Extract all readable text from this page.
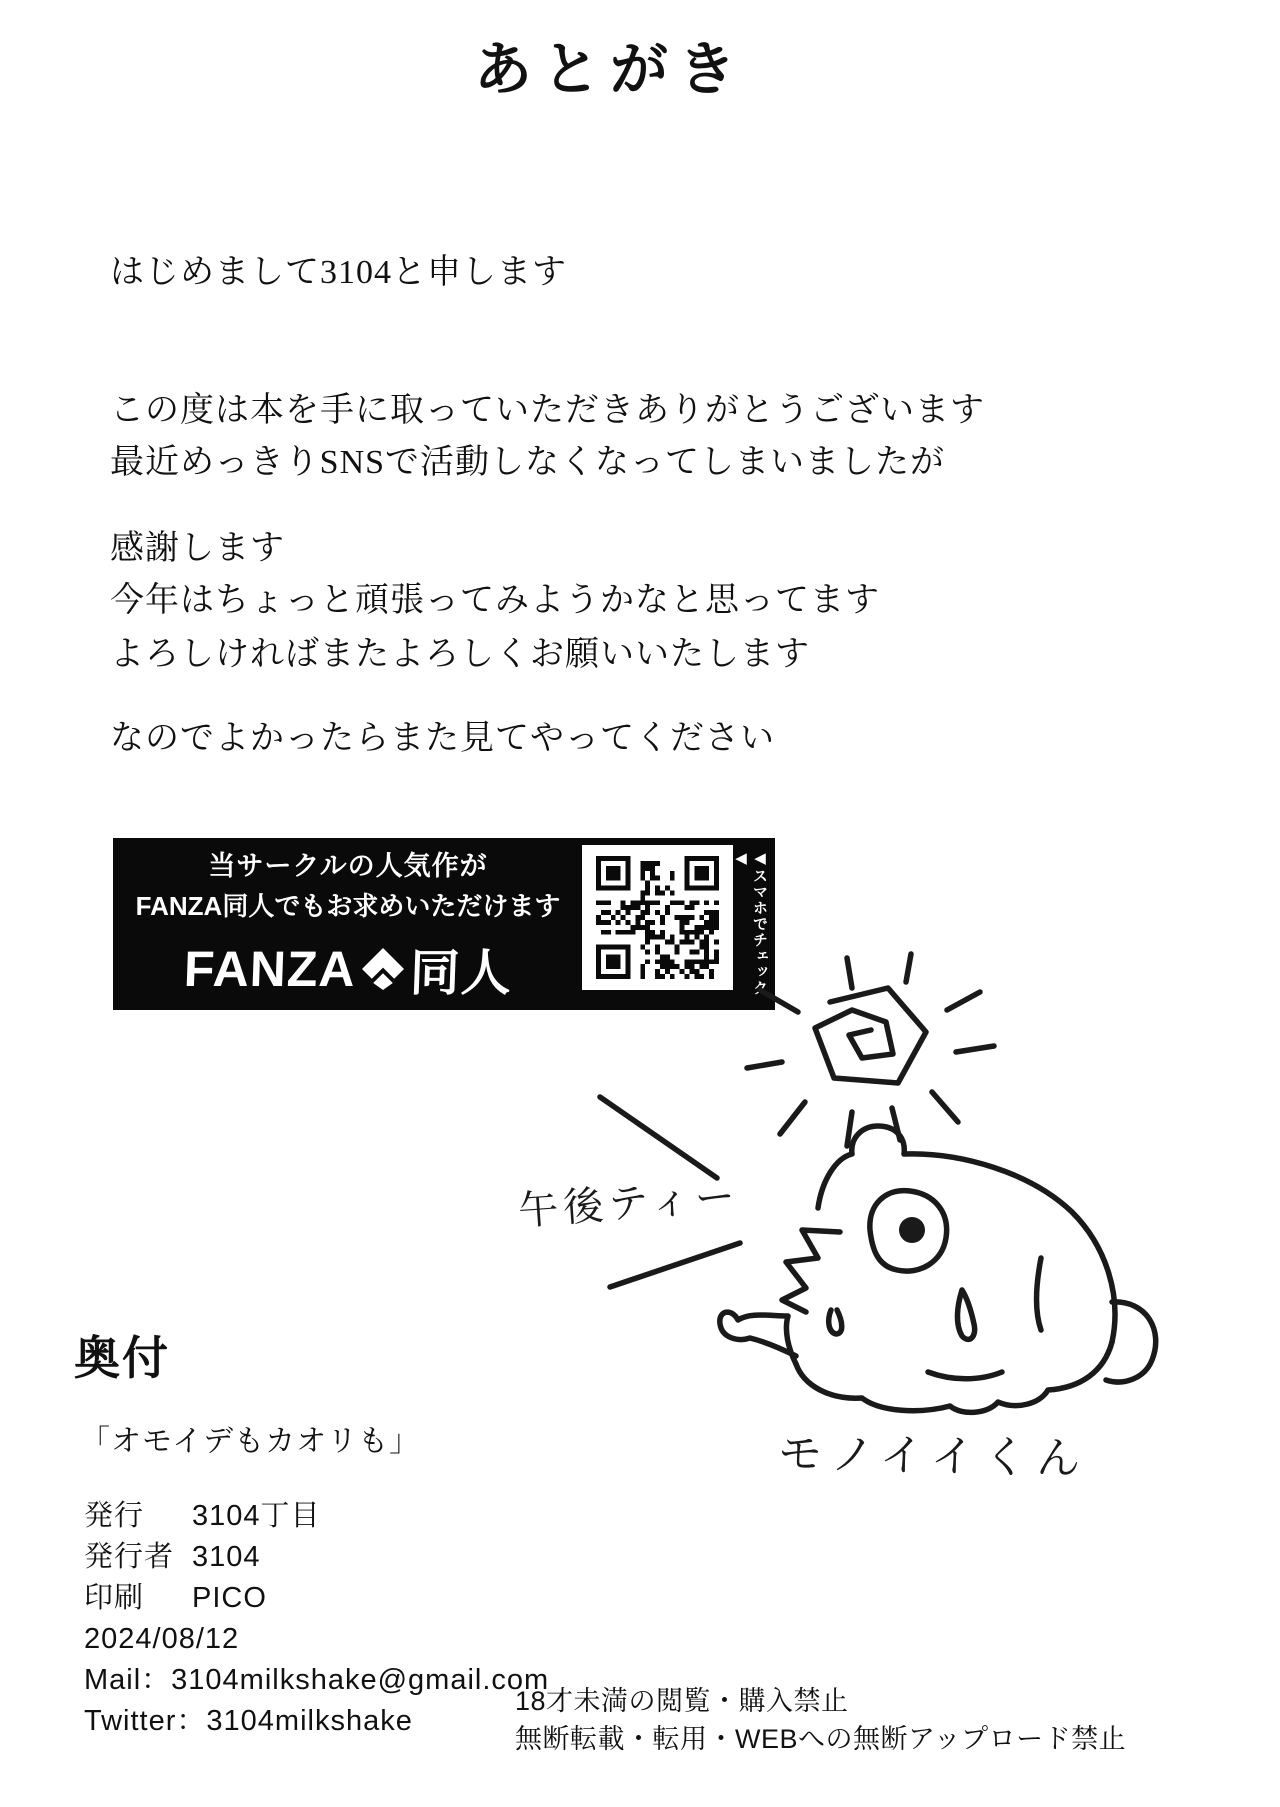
あとがき

はじめまして3104と申します

この度は本を手に取っていただきありがとうございます

感謝します

最近めっきりSNSで活動しなくなってしまいましたが

今年はちょっと頑張ってみようかなと思ってます

なのでよかったらまた見てやってください

よろしければまたよろしくお願いいたします

当サークルの人気作が
FANZA同人でもお求めいただけます
FANZA 同人	◀スマホでチェック◀
午後ティー
モノイイくん
奥付
「オモイデもカオリも」
発行 3104丁目
発行者 3104
印刷 PICO
2024/08/12
Mail：3104milkshake@gmail.com
Twitter：3104milkshake
18才未満の閲覧・購入禁止
無断転載・転用・WEBへの無断アップロード禁止
